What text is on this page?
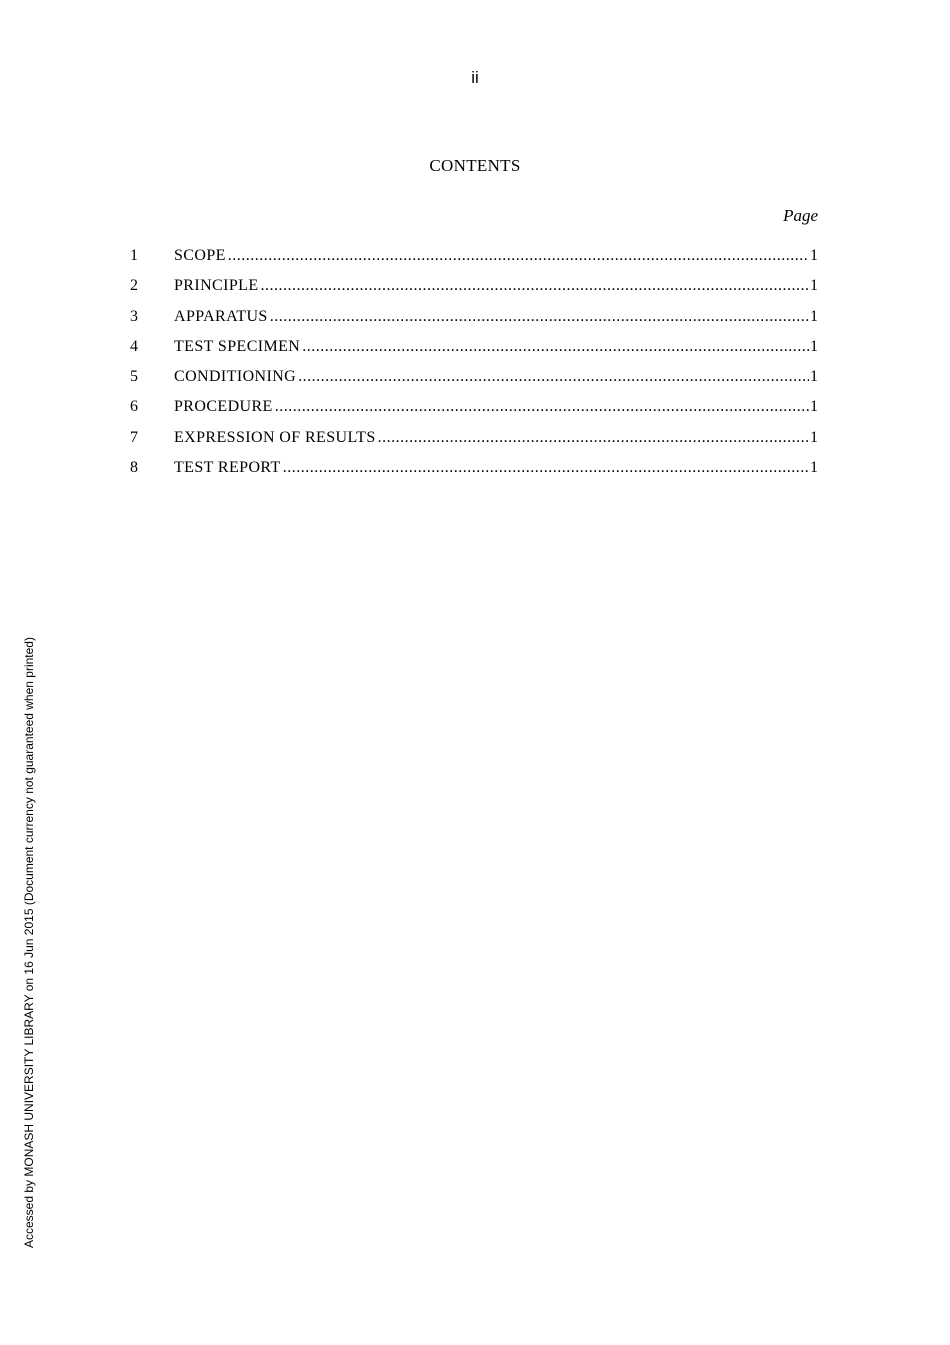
ii
CONTENTS
Page
1	SCOPE .....	1
2	PRINCIPLE .....	1
3	APPARATUS .....	1
4	TEST SPECIMEN .....	1
5	CONDITIONING .....	1
6	PROCEDURE .....	1
7	EXPRESSION OF RESULTS .....	1
8	TEST REPORT .....	1
Accessed by MONASH UNIVERSITY LIBRARY on 16 Jun 2015 (Document currency not guaranteed when printed)
